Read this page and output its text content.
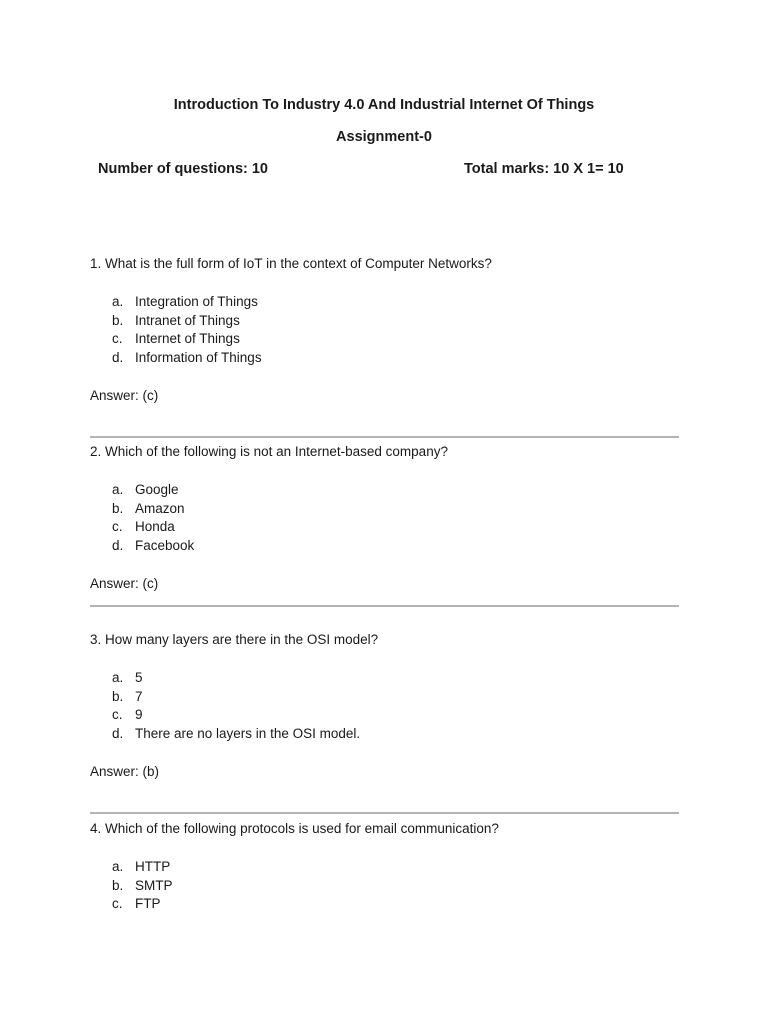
Introduction To Industry 4.0 And Industrial Internet Of Things
Assignment-0
Number of questions: 10	Total marks: 10 X 1= 10
1. What is the full form of IoT in the context of Computer Networks?
a. Integration of Things
b. Intranet of Things
c. Internet of Things
d. Information of Things
Answer: (c)
2. Which of the following is not an Internet-based company?
a. Google
b. Amazon
c. Honda
d. Facebook
Answer: (c)
3. How many layers are there in the OSI model?
a. 5
b. 7
c. 9
d. There are no layers in the OSI model.
Answer: (b)
4. Which of the following protocols is used for email communication?
a. HTTP
b. SMTP
c. FTP
